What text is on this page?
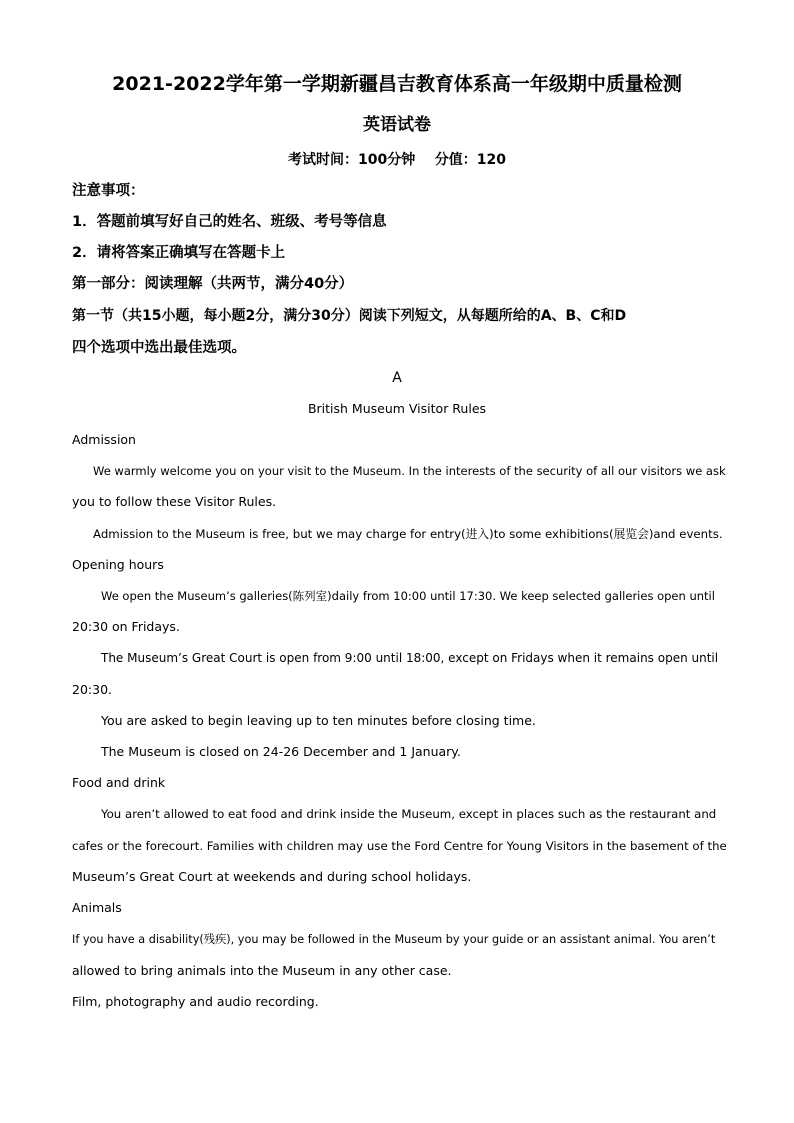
2021-2022学年第一学期新疆昌吉教育体系高一年级期中质量检测
英语试卷
考试时间：100分钟    分值：120
注意事项：
1．答题前填写好自己的姓名、班级、考号等信息
2．请将答案正确填写在答题卡上
第一部分：阅读理解（共两节，满分40分）
第一节（共15小题，每小题2分，满分30分）阅读下列短文，从每题所给的A、B、C和D
四个选项中选出最佳选项。
A
British Museum Visitor Rules
Admission
We warmly welcome you on your visit to the Museum. In the interests of the security of all our visitors we ask
you to follow these Visitor Rules.
Admission to the Museum is free, but we may charge for entry(进入)to some exhibitions(展览会)and events.
Opening hours
We open the Museum’s galleries(陈列室)daily from 10:00 until 17:30. We keep selected galleries open until
20:30 on Fridays.
The Museum’s Great Court is open from 9:00 until 18:00, except on Fridays when it remains open until
20:30.
You are asked to begin leaving up to ten minutes before closing time.
The Museum is closed on 24-26 December and 1 January.
Food and drink
You aren’t allowed to eat food and drink inside the Museum, except in places such as the restaurant and
cafes or the forecourt. Families with children may use the Ford Centre for Young Visitors in the basement of the
Museum’s Great Court at weekends and during school holidays.
Animals
If you have a disability(残疾), you may be followed in the Museum by your guide or an assistant animal. You aren’t
allowed to bring animals into the Museum in any other case.
Film, photography and audio recording.
